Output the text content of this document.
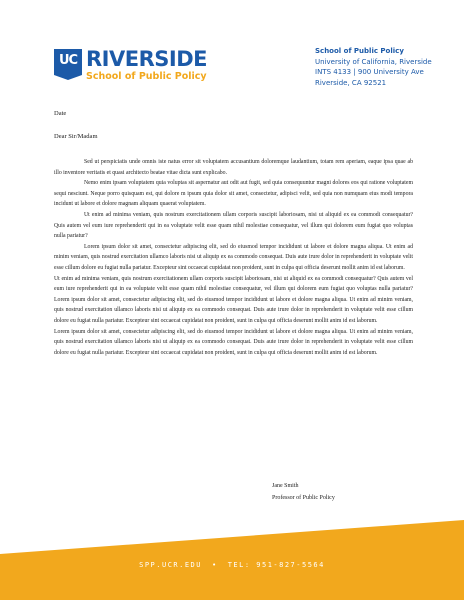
UC RIVERSIDE
School of Public Policy
School of Public Policy
University of California, Riverside
INTS 4133 | 900 University Ave
Riverside, CA 92521
Date
Dear Sir/Madam

Sed ut perspiciatis unde omnis iste natus error sit voluptatem accusantium doloremque laudantium, totam rem aperiam, eaque ipsa quae ab illo inventore veritatis et quasi architecto beatae vitae dicta sunt explicabo.

Nemo enim ipsam voluptatem quia voluptas sit aspernatur aut odit aut fugit, sed quia consequuntur magni dolores eos qui ratione voluptatem sequi nesciunt. Neque porro quisquam est, qui dolore m ipsum quia dolor sit amet, consectetur, adipisci velit, sed quia non numquam eius modi tempora incidunt ut labore et dolore magnam aliquam quaerat voluptatem.

Ut enim ad minima veniam, quis nostrum exercitationem ullam corporis suscipit laboriosam, nisi ut aliquid ex ea commodi consequatur? Quis autem vel eum iure reprehenderit qui in ea voluptate velit esse quam nihil molestiae consequatur, vel illum qui dolorem eum fugiat quo voluptas nulla pariatur?

Lorem ipsum dolor sit amet, consectetur adipiscing elit, sed do eiusmod tempor incididunt ut labore et dolore magna aliqua. Ut enim ad minim veniam, quis nostrud exercitation ullamco laboris nisi ut aliquip ex ea commodo consequat. Duis aute irure dolor in reprehenderit in voluptate velit esse cillum dolore eu fugiat nulla pariatur. Excepteur sint occaecat cupidatat non proident, sunt in culpa qui officia deserunt mollit anim id est laborum.

Ut enim ad minima veniam, quis nostrum exercitationem ullam corporis suscipit laboriosam, nisi ut aliquid ex ea commodi consequatur? Quis autem vel eum iure reprehenderit qui in ea voluptate velit esse quam nihil molestiae consequatur, vel illum qui dolorem eum fugiat quo voluptas nulla pariatur? Lorem ipsum dolor sit amet, consectetur adipiscing elit, sed do eiusmod tempor incididunt ut labore et dolore magna aliqua. Ut enim ad minim veniam, quis nostrud exercitation ullamco laboris nisi ut aliquip ex ea commodo consequat. Duis aute irure dolor in reprehenderit in voluptate velit esse cillum dolore eu fugiat nulla pariatur. Excepteur sint occaecat cupidatat non proident, sunt in culpa qui officia deserunt mollit anim id est laborum.

Lorem ipsum dolor sit amet, consectetur adipiscing elit, sed do eiusmod tempor incididunt ut labore et dolore magna aliqua. Ut enim ad minim veniam, quis nostrud exercitation ullamco laboris nisi ut aliquip ex ea commodo consequat. Duis aute irure dolor in reprehenderit in voluptate velit esse cillum dolore eu fugiat nulla pariatur. Excepteur sint occaecat cupidatat non proident, sunt in culpa qui officia deserunt mollit anim id est laborum.

Jane Smith
Professor of Public Policy
SPP.UCR.EDU • TEL: 951-827-5564
